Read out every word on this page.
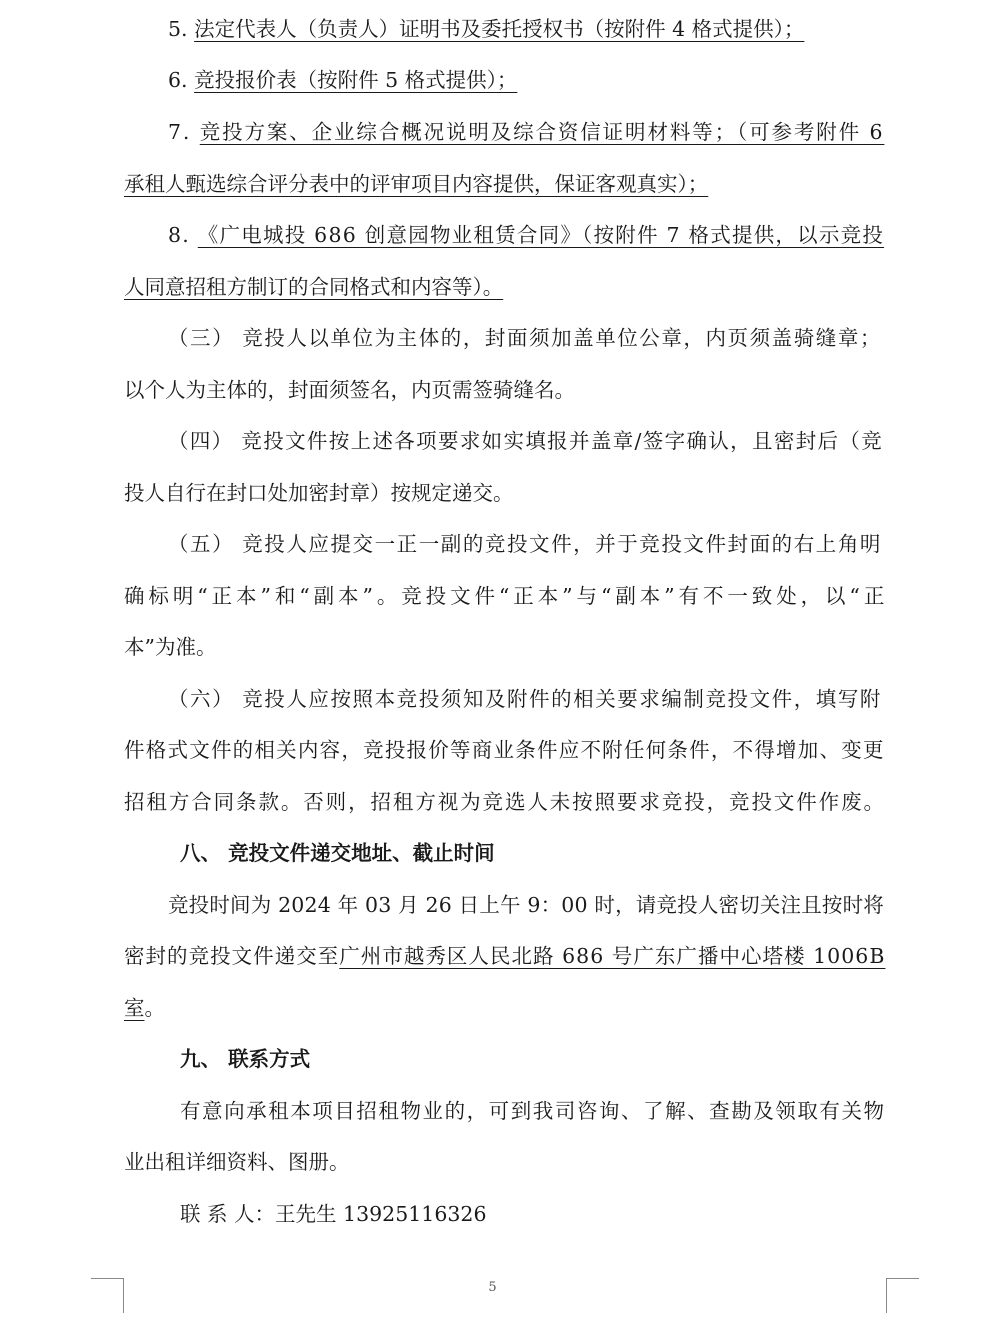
5. 法定代表人（负责人）证明书及委托授权书（按附件 4 格式提供）；
6. 竞投报价表（按附件 5 格式提供）；
7. 竞投方案、企业综合概况说明及综合资信证明材料等；（可参考附件 6
承租人甄选综合评分表中的评审项目内容提供，保证客观真实）；
8. 《广电城投 686 创意园物业租赁合同》（按附件 7 格式提供，以示竞投
人同意招租方制订的合同格式和内容等）。
（三） 竞投人以单位为主体的，封面须加盖单位公章，内页须盖骑缝章；
以个人为主体的，封面须签名，内页需签骑缝名。
（四） 竞投文件按上述各项要求如实填报并盖章/签字确认，且密封后（竞
投人自行在封口处加密封章）按规定递交。
（五） 竞投人应提交一正一副的竞投文件，并于竞投文件封面的右上角明
确标明“正本”和“副本”。竞投文件“正本”与“副本”有不一致处，以“正
本”为准。
（六） 竞投人应按照本竞投须知及附件的相关要求编制竞投文件，填写附
件格式文件的相关内容，竞投报价等商业条件应不附任何条件，不得增加、变更
招租方合同条款。否则，招租方视为竞选人未按照要求竞投，竞投文件作废。
八、 竞投文件递交地址、截止时间
竞投时间为 2024 年 03 月 26 日上午 9：00 时，请竞投人密切关注且按时将
密封的竞投文件递交至广州市越秀区人民北路 686 号广东广播中心塔楼 1006B
室。
九、 联系方式
有意向承租本项目招租物业的，可到我司咨询、了解、查勘及领取有关物
业出租详细资料、图册。
联 系 人：王先生 13925116326
5
